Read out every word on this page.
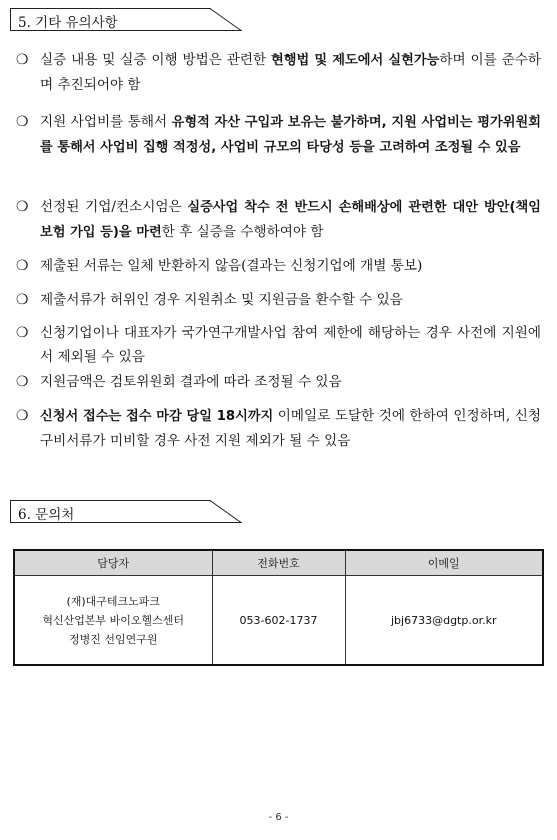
5. 기타 유의사항
❍ 실증 내용 및 실증 이행 방법은 관련한 현행법 및 제도에서 실현가능하며 이를 준수하며 추진되어야 함
❍ 지원 사업비를 통해서 유형적 자산 구입과 보유는 불가하며, 지원 사업비는 평가위원회를 통해서 사업비 집행 적정성, 사업비 규모의 타당성 등을 고려하여 조정될 수 있음
❍ 선정된 기업/컨소시엄은 실증사업 착수 전 반드시 손해배상에 관련한 대안 방안(책임보험 가입 등)을 마련한 후 실증을 수행하여야 함
❍ 제출된 서류는 일체 반환하지 않음(결과는 신청기업에 개별 통보)
❍ 제출서류가 허위인 경우 지원취소 및 지원금을 환수할 수 있음
❍ 신청기업이나 대표자가 국가연구개발사업 참여 제한에 해당하는 경우 사전에 지원에서 제외될 수 있음
❍ 지원금액은 검토위원회 결과에 따라 조정될 수 있음
❍ 신청서 접수는 접수 마감 당일 18시까지 이메일로 도달한 것에 한하여 인정하며, 신청 구비서류가 미비할 경우 사전 지원 제외가 될 수 있음
6. 문의처
담당자	전화번호	이메일

(재)대구테크노파크
혁신산업본부 바이오헬스센터
정병진 선임연구원	053-602-1737	jbj6733@dgtp.or.kr
- 6 -
